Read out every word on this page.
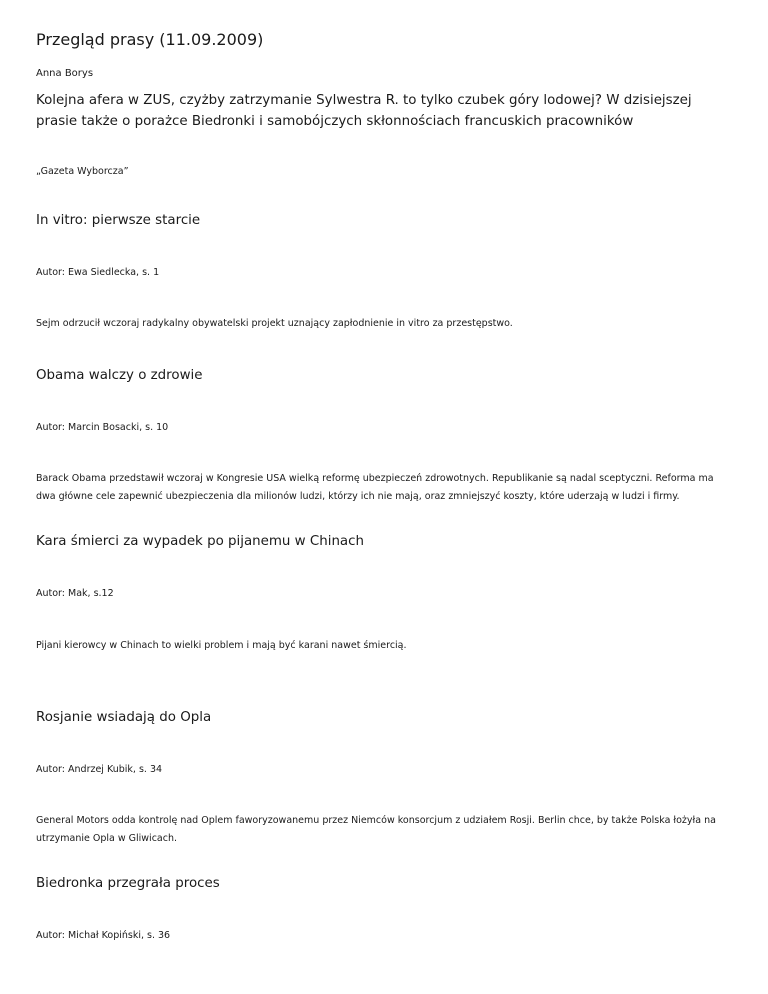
Przegląd prasy (11.09.2009)
Anna Borys
Kolejna afera w ZUS, czyżby zatrzymanie Sylwestra R. to tylko czubek góry lodowej? W dzisiejszej prasie także o porażce Biedronki i samobójczych skłonnościach francuskich pracowników
„Gazeta Wyborcza”
In vitro: pierwsze starcie
Autor: Ewa Siedlecka, s. 1
Sejm odrzucił wczoraj radykalny obywatelski projekt uznający zapłodnienie in vitro za przestępstwo.
Obama walczy o zdrowie
Autor: Marcin Bosacki, s. 10
Barack Obama przedstawił wczoraj w Kongresie USA wielką reformę ubezpieczeń zdrowotnych. Republikanie są nadal sceptyczni. Reforma ma dwa główne cele zapewnić ubezpieczenia dla milionów ludzi, którzy ich nie mają, oraz zmniejszyć koszty, które uderzają w ludzi i firmy.
Kara śmierci za wypadek po pijanemu w Chinach
Autor: Mak, s.12
Pijani kierowcy w Chinach to wielki problem i mają być karani nawet śmiercią.
Rosjanie wsiadają do Opla
Autor: Andrzej Kubik, s. 34
General Motors odda kontrolę nad Oplem faworyzowanemu przez Niemców konsorcjum z udziałem Rosji. Berlin chce, by także Polska łożyła na utrzymanie Opla w Gliwicach.
Biedronka przegrała proces
Autor: Michał Kopiński, s. 36
